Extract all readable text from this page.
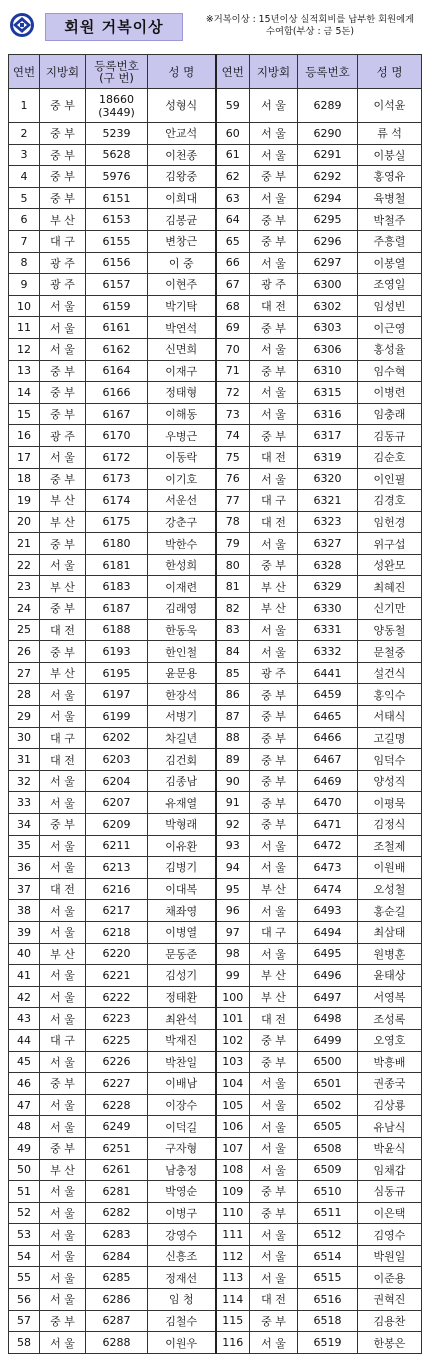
회원 거복이상	※거복이상 : 15년이상 실적회비를 납부한 회원에게
수여함(부상 : 금 5돈)
연번	지방회	등록번호
(구 번)	성 명	연번	지방회	등록번호	성 명
1	중 부	18660
(3449)	성형식	59	서 울	6289	이석윤
2	중 부	5239	안교석	60	서 울	6290	류 석
3	중 부	5628	이천종	61	서 울	6291	이붕실
4	중 부	5976	김왕중	62	중 부	6292	홍영유
5	중 부	6151	이희대	63	서 울	6294	육병철
6	부 산	6153	김봉균	64	중 부	6295	박철주
7	대 구	6155	변창근	65	중 부	6296	주흥렬
8	광 주	6156	이 중	66	서 울	6297	이봉열
9	광 주	6157	이현주	67	광 주	6300	조영일
10	서 울	6159	박기탁	68	대 전	6302	임성빈
11	서 울	6161	박연석	69	중 부	6303	이근영
12	서 울	6162	신면희	70	서 울	6306	홍성율
13	중 부	6164	이재구	71	중 부	6310	임수혁
14	중 부	6166	정태형	72	서 울	6315	이병련
15	중 부	6167	이해동	73	서 울	6316	임충래
16	광 주	6170	우병근	74	중 부	6317	김동규
17	서 울	6172	이동락	75	대 전	6319	김순호
18	중 부	6173	이기호	76	서 울	6320	이인필
19	부 산	6174	서운선	77	대 구	6321	김경호
20	부 산	6175	강춘구	78	대 전	6323	임헌경
21	중 부	6180	박한수	79	서 울	6327	위구섭
22	서 울	6181	한성희	80	중 부	6328	성완모
23	부 산	6183	이재련	81	부 산	6329	최혜진
24	중 부	6187	김래영	82	부 산	6330	신기만
25	대 전	6188	한동욱	83	서 울	6331	양동철
26	중 부	6193	한인철	84	서 울	6332	문철중
27	부 산	6195	윤문용	85	광 주	6441	설건식
28	서 울	6197	한장석	86	중 부	6459	홍익수
29	서 울	6199	서병기	87	중 부	6465	서태식
30	대 구	6202	차길년	88	중 부	6466	고길명
31	대 전	6203	김건회	89	중 부	6467	임덕수
32	서 울	6204	김종남	90	중 부	6469	양성직
33	서 울	6207	유재열	91	중 부	6470	이평묵
34	중 부	6209	박형래	92	중 부	6471	김정식
35	서 울	6211	이유환	93	서 울	6472	조철제
36	서 울	6213	김병기	94	서 울	6473	이원배
37	대 전	6216	이대복	95	부 산	6474	오성철
38	서 울	6217	채좌영	96	서 울	6493	홍순길
39	서 울	6218	이병열	97	대 구	6494	최삼태
40	부 산	6220	문동준	98	서 울	6495	원병훈
41	서 울	6221	김성기	99	부 산	6496	윤태상
42	서 울	6222	정태환	100	부 산	6497	서영복
43	서 울	6223	최완석	101	대 전	6498	조성록
44	대 구	6225	박재진	102	중 부	6499	오영호
45	서 울	6226	박찬일	103	중 부	6500	박흥배
46	중 부	6227	이배남	104	서 울	6501	권종국
47	서 울	6228	이장수	105	서 울	6502	김상룡
48	서 울	6249	이덕길	106	서 울	6505	유남식
49	중 부	6251	구자형	107	서 울	6508	박윤식
50	부 산	6261	남충정	108	서 울	6509	임채갑
51	서 울	6281	박영순	109	중 부	6510	심동규
52	서 울	6282	이병구	110	중 부	6511	이은택
53	서 울	6283	강영수	111	서 울	6512	김영수
54	서 울	6284	신흥조	112	서 울	6514	박원일
55	서 울	6285	정재선	113	서 울	6515	이준용
56	서 울	6286	임 청	114	대 전	6516	권혁진
57	중 부	6287	김철수	115	중 부	6518	김용찬
58	서 울	6288	이원우	116	서 울	6519	한봉은
